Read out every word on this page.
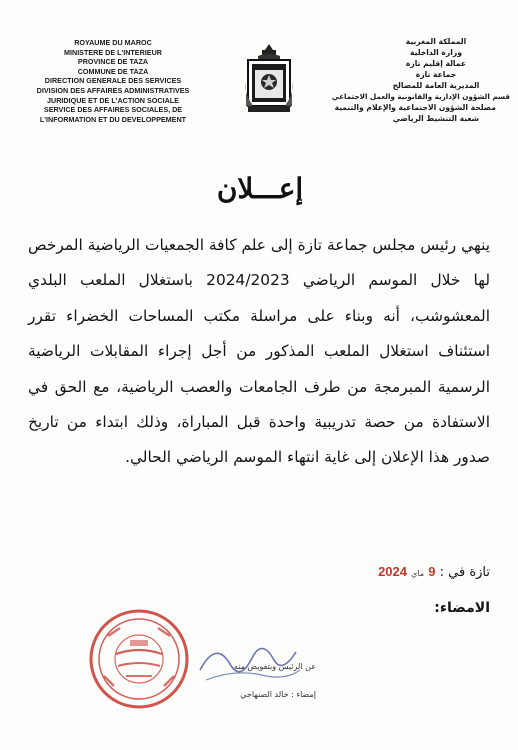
ROYAUME DU MAROC
MINISTERE DE L'INTERIEUR
PROVINCE DE TAZA
COMMUNE DE TAZA
DIRECTION GENERALE DES SERVICES
DIVISION DES AFFAIRES ADMINISTRATIVES
JURIDIQUE ET DE L'ACTION SOCIALE
SERVICE DES AFFAIRES SOCIALES, DE
L'INFORMATION ET DU DEVELOPPEMENT
المملكة المغربية
وزارة الداخلية
عمالة إقليم تازة
جماعة تازة
المديرية العامة للمصالح
قسم الشؤون الإدارية والقانونية والعمل الاجتماعي
مصلحة الشؤون الاجتماعية والإعلام والتنمية
شعبة التنشيط الرياضي
إعـــلان

ينهي رئيس مجلس جماعة تازة إلى علم كافة الجمعيات الرياضية المرخص لها خلال الموسم الرياضي 2024/2023 باستغلال الملعب البلدي المعشوشب، أنه وبناء على مراسلة مكتب المساحات الخضراء تقرر استئناف استغلال الملعب المذكور من أجل إجراء المقابلات الرياضية الرسمية المبرمجة من طرف الجامعات والعصب الرياضية، مع الحق في الاستفادة من حصة تدريبية واحدة قبل المباراة، وذلك ابتداء من تاريخ صدور هذا الإعلان إلى غاية انتهاء الموسم الرياضي الحالي.

تازة في : 9 ماي 2024
الامضاء:
عن الرئيس وبتفويض منه
إمضاء : خالد الصنهاجي
